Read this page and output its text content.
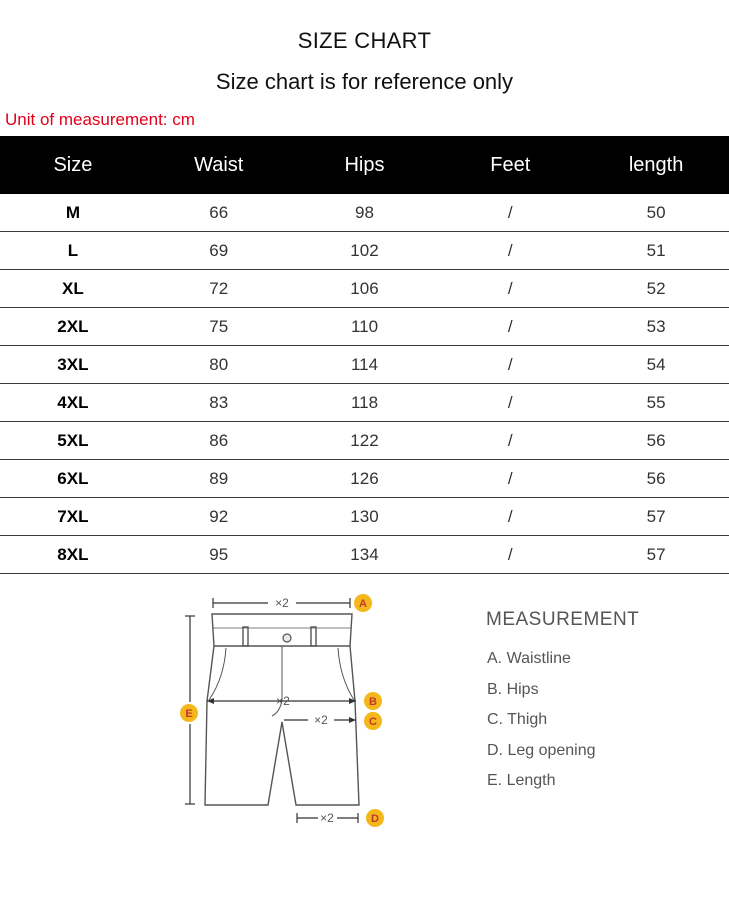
SIZE CHART
Size chart is for reference only
Unit of measurement: cm
Size	Waist	Hips	Feet	length
M	66	98	/	50
L	69	102	/	51
XL	72	106	/	52
2XL	75	110	/	53
3XL	80	114	/	54
4XL	83	118	/	55
5XL	86	122	/	56
6XL	89	126	/	56
7XL	92	130	/	57
8XL	95	134	/	57
×2
×2
×2
×2
A
B
C
D
E
MEASUREMENT
A. Waistline
B. Hips
C. Thigh
D. Leg opening
E. Length
